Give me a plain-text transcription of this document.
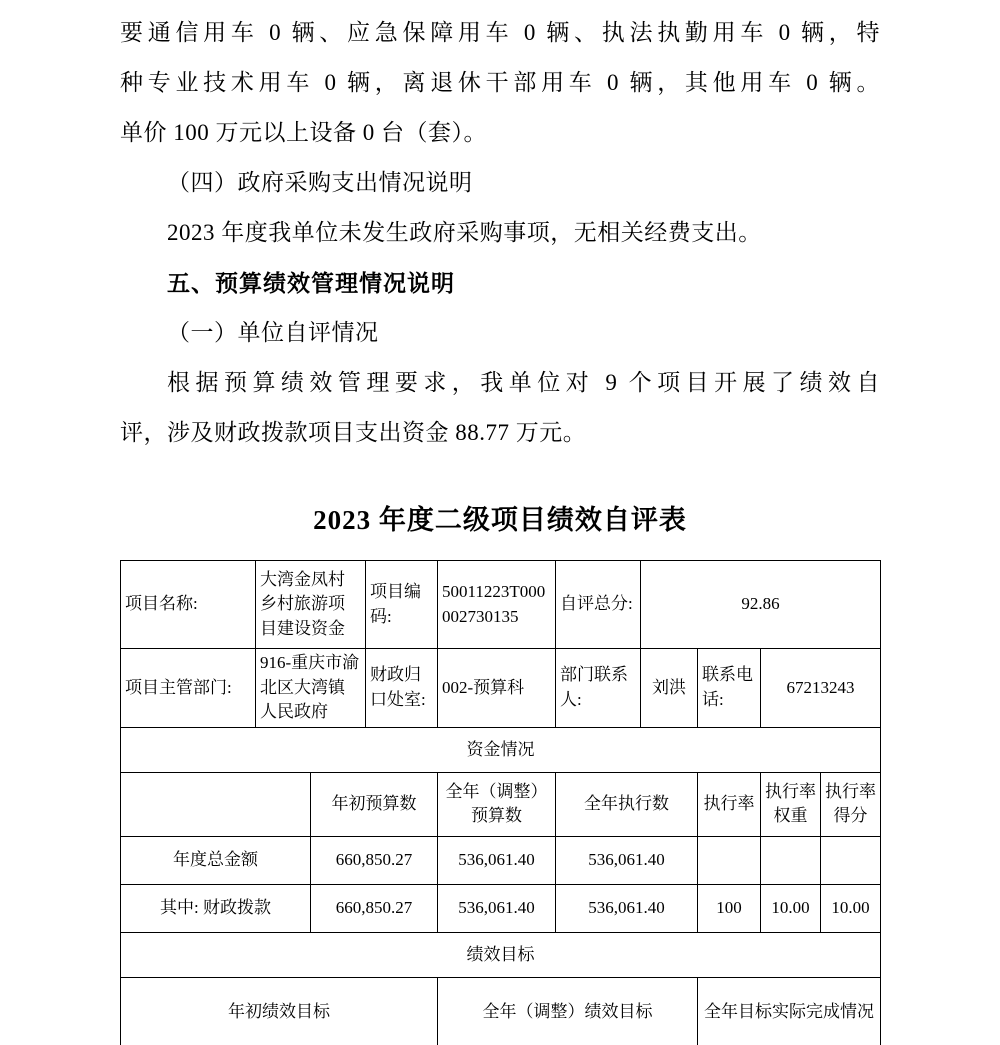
要通信用车 0 辆、应急保障用车 0 辆、执法执勤用车 0 辆，特
种专业技术用车 0 辆，离退休干部用车 0 辆，其他用车 0 辆。
单价 100 万元以上设备 0 台（套）。
（四）政府采购支出情况说明
2023 年度我单位未发生政府采购事项，无相关经费支出。
五、预算绩效管理情况说明
（一）单位自评情况
根据预算绩效管理要求，我单位对 9 个项目开展了绩效自
评，涉及财政拨款项目支出资金 88.77 万元。
2023 年度二级项目绩效自评表
项目名称:	大湾金凤村乡村旅游项目建设资金		项目编码:	50011223T000002730135	自评总分:	92.86			
项目主管部门:	916-重庆市渝北区大湾镇人民政府		财政归口处室:	002-预算科	部门联系人:	刘洪	联系电话:	67213243	
资金情况									
		年初预算数		全年（调整）预算数	全年执行数		执行率	执行率权重	执行率得分
年度总金额		660,850.27		536,061.40	536,061.40				
其中: 财政拨款		660,850.27		536,061.40	536,061.40		100	10.00	10.00
绩效目标									
年初绩效目标				全年（调整）绩效目标			全年目标实际完成情况		
